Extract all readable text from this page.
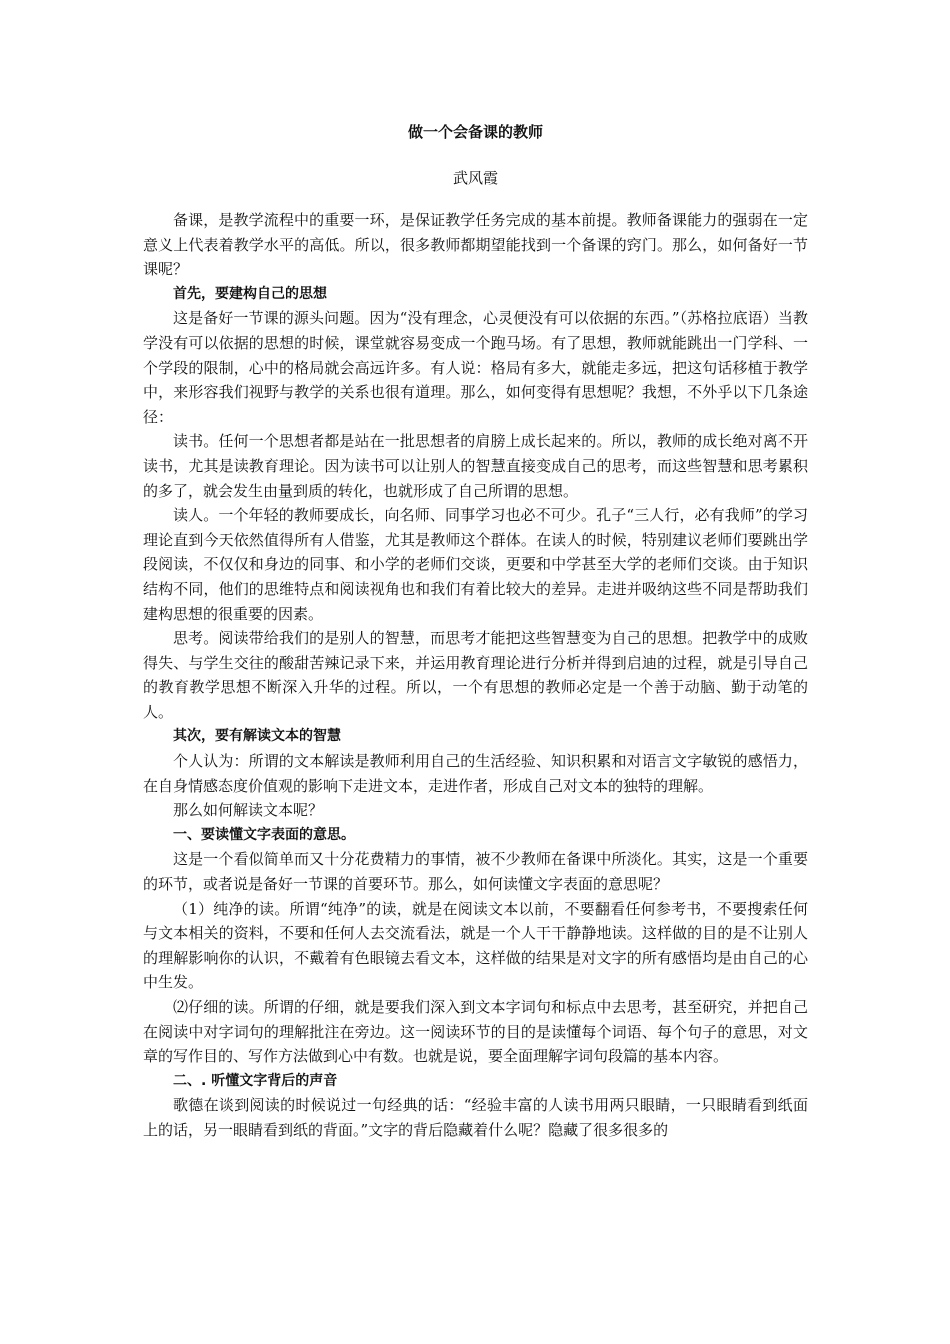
做一个会备课的教师
武风霞
备课，是教学流程中的重要一环，是保证教学任务完成的基本前提。教师备课能力的强弱在一定意义上代表着教学水平的高低。所以，很多教师都期望能找到一个备课的窍门。那么，如何备好一节课呢？
首先，要建构自己的思想
这是备好一节课的源头问题。因为“没有理念，心灵便没有可以依据的东西。”（苏格拉底语）当教学没有可以依据的思想的时候，课堂就容易变成一个跑马场。有了思想，教师就能跳出一门学科、一个学段的限制，心中的格局就会高远许多。有人说：格局有多大，就能走多远，把这句话移植于教学中，来形容我们视野与教学的关系也很有道理。那么，如何变得有思想呢？我想，不外乎以下几条途径：
读书。任何一个思想者都是站在一批思想者的肩膀上成长起来的。所以，教师的成长绝对离不开读书，尤其是读教育理论。因为读书可以让别人的智慧直接变成自己的思考，而这些智慧和思考累积的多了，就会发生由量到质的转化，也就形成了自己所谓的思想。
读人。一个年轻的教师要成长，向名师、同事学习也必不可少。孔子“三人行，必有我师”的学习理论直到今天依然值得所有人借鉴，尤其是教师这个群体。在读人的时候，特别建议老师们要跳出学段阅读，不仅仅和身边的同事、和小学的老师们交谈，更要和中学甚至大学的老师们交谈。由于知识结构不同，他们的思维特点和阅读视角也和我们有着比较大的差异。走进并吸纳这些不同是帮助我们建构思想的很重要的因素。
思考。阅读带给我们的是别人的智慧，而思考才能把这些智慧变为自己的思想。把教学中的成败得失、与学生交往的酸甜苦辣记录下来，并运用教育理论进行分析并得到启迪的过程，就是引导自己的教育教学思想不断深入升华的过程。所以，一个有思想的教师必定是一个善于动脑、勤于动笔的人。
其次，要有解读文本的智慧
个人认为：所谓的文本解读是教师利用自己的生活经验、知识积累和对语言文字敏锐的感悟力，在自身情感态度价值观的影响下走进文本，走进作者，形成自己对文本的独特的理解。
那么如何解读文本呢？
一、要读懂文字表面的意思。
这是一个看似简单而又十分花费精力的事情，被不少教师在备课中所淡化。其实，这是一个重要的环节，或者说是备好一节课的首要环节。那么，如何读懂文字表面的意思呢？
（1）纯净的读。所谓“纯净”的读，就是在阅读文本以前，不要翻看任何参考书，不要搜索任何与文本相关的资料，不要和任何人去交流看法，就是一个人干干静静地读。这样做的目的是不让别人的理解影响你的认识，不戴着有色眼镜去看文本，这样做的结果是对文字的所有感悟均是由自己的心中生发。
⑵仔细的读。所谓的仔细，就是要我们深入到文本字词句和标点中去思考，甚至研究，并把自己在阅读中对字词句的理解批注在旁边。这一阅读环节的目的是读懂每个词语、每个句子的意思，对文章的写作目的、写作方法做到心中有数。也就是说，要全面理解字词句段篇的基本内容。
二、. 听懂文字背后的声音
歌德在谈到阅读的时候说过一句经典的话：“经验丰富的人读书用两只眼睛，一只眼睛看到纸面上的话，另一眼睛看到纸的背面。”文字的背后隐藏着什么呢？隐藏了很多很多的
